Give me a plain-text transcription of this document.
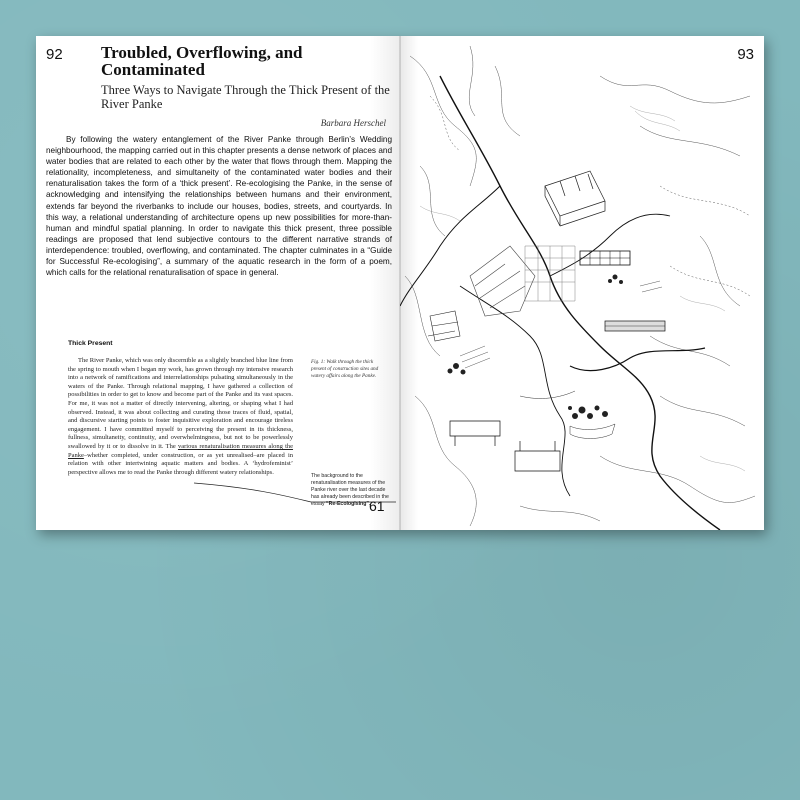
92 Troubled, Overflowing, and Contaminated
Three Ways to Navigate Through the Thick Present of the River Panke
Barbara Herschel

By following the watery entanglement of the River Panke through Berlin’s Wedding neighbourhood, the mapping carried out in this chapter presents a dense network of places and water bodies that are related to each other by the water that flows through them. Mapping the relationality, incompleteness, and simultaneity of the contaminated water bodies and their renaturalisation takes the form of a ‘thick present’. Re-ecologising the Panke, in the sense of acknowledging and intensifying the relationships between humans and their environment, extends far beyond the riverbanks to include our houses, bodies, streets, and courtyards. In this way, a relational understanding of architecture opens up new possibilities for more-than-human and mindful spatial planning. In order to navigate this thick present, three possible readings are proposed that lend subjective contours to the different narrative strands of interdependence: troubled, overflowing, and contaminated. The chapter culminates in a “Guide for Successful Re-ecologising”, a summary of the aquatic research in the form of a poem, which calls for the relational renaturalisation of space in general.

Thick Present

The River Panke, which was only discernible as a slightly branched blue line from the spring to mouth when I began my work, has grown through my intensive research into a network of ramifications and interrelationships pulsating simultaneously in the waters of the Panke. Through relational mapping, I have gathered a collection of possibilities in order to get to know and become part of the Panke and its vast spaces. For me, it was not a matter of directly intervening, altering, or shaping what I had observed. Instead, it was about collecting and curating those traces of fluid, spatial, and discursive starting points to foster inquisitive exploration and encourage tireless engagement. I have committed myself to perceiving the present in its thickness, fullness, simultaneity, continuity, and overwhelmingness, but not to be powerlessly swallowed by it or to dissolve in it. The various renaturalisation measures along the Panke–whether completed, under construction, or as yet unrealised–are placed in relation with other intertwining aquatic matters and bodies. A ‘hydrofeminist’ perspective allows me to read the Panke through different watery relationships.

Fig. 1: Walk through the thick present of construction sites and watery affairs along the Panke.

The background to the renaturalisation measures of the Panke river over the last decade has already been described in the essay “Re-Ecologising”.

61
93
